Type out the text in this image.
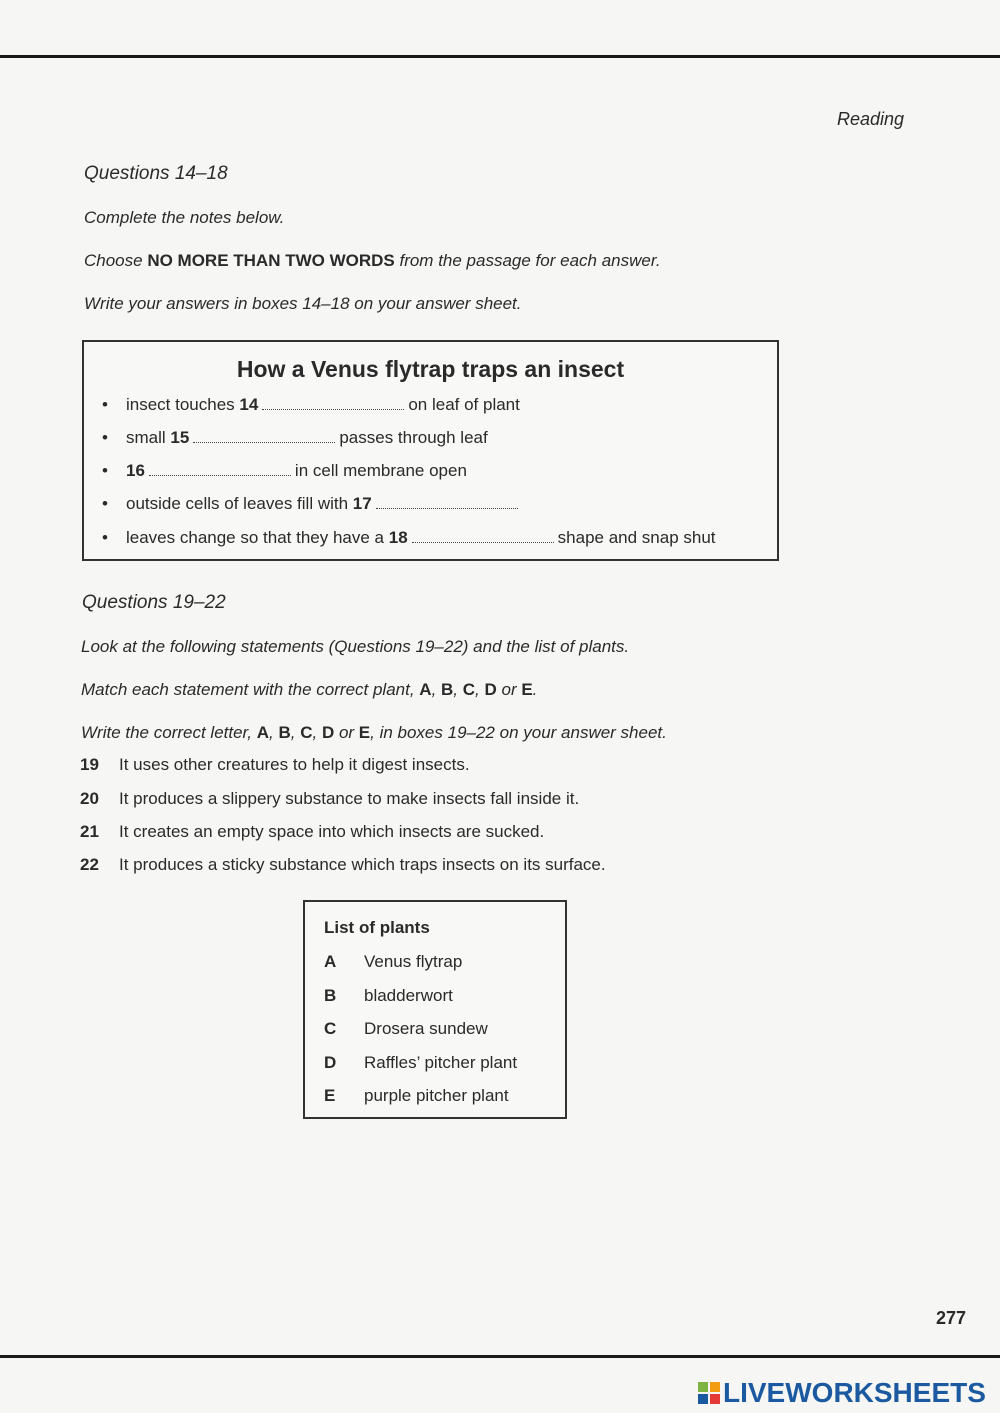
Reading
Questions 14–18
Complete the notes below.
Choose NO MORE THAN TWO WORDS from the passage for each answer.
Write your answers in boxes 14–18 on your answer sheet.
How a Venus flytrap traps an insect
• insect touches 14	on leaf of plant
• small 15	passes through leaf
• 16	in cell membrane open
• outside cells of leaves fill with 17
• leaves change so that they have a 18	shape and snap shut
Questions 19–22
Look at the following statements (Questions 19–22) and the list of plants.
Match each statement with the correct plant, A, B, C, D or E.
Write the correct letter, A, B, C, D or E, in boxes 19–22 on your answer sheet.
19 It uses other creatures to help it digest insects.
20 It produces a slippery substance to make insects fall inside it.
21 It creates an empty space into which insects are sucked.
22 It produces a sticky substance which traps insects on its surface.
List of plants
A Venus flytrap
B bladderwort
C Drosera sundew
D Raffles’ pitcher plant
E purple pitcher plant
277
LIVEWORKSHEETS
